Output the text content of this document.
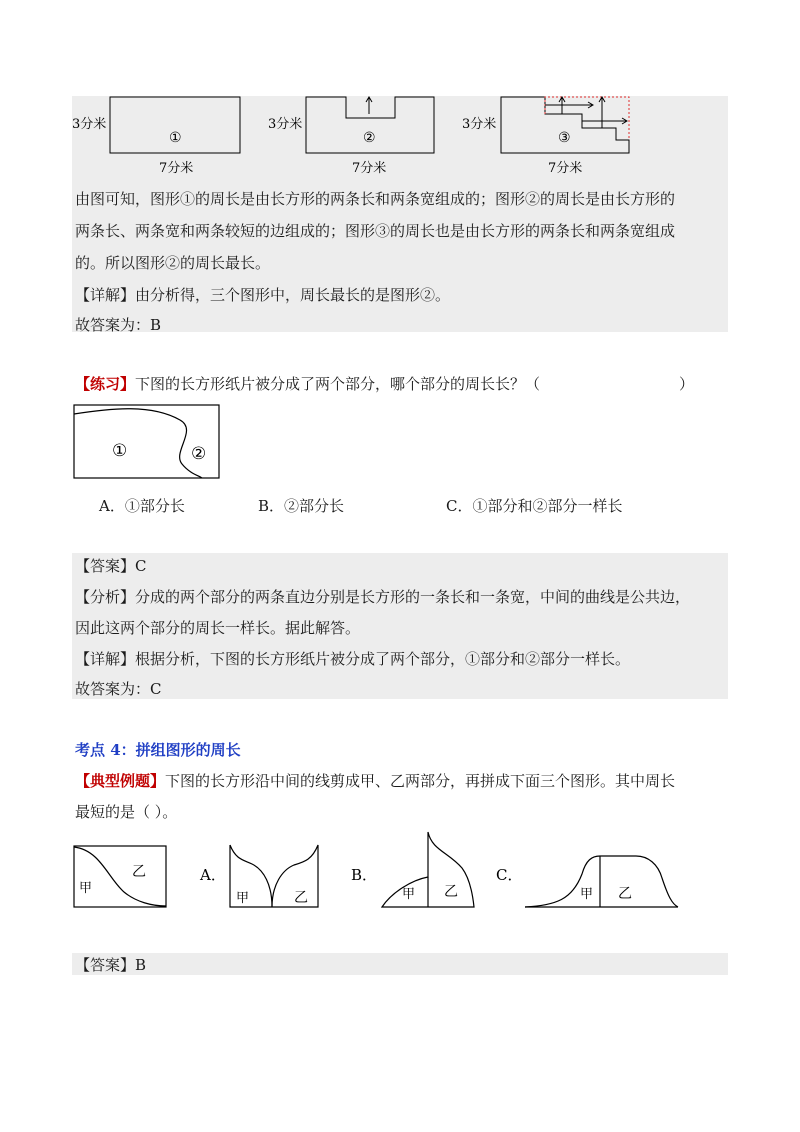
3分米	3分米	3分米
①	②	③
7分米	7分米	7分米
由图可知，图形①的周长是由长方形的两条长和两条宽组成的；图形②的周长是由长方形的
两条长、两条宽和两条较短的边组成的；图形③的周长也是由长方形的两条长和两条宽组成
的。所以图形②的周长最长。
【详解】由分析得，三个图形中，周长最长的是图形②。
故答案为：B
【练习】下图的长方形纸片被分成了两个部分，哪个部分的周长长？（	）
①	②
A．①部分长	B．②部分长	C．①部分和②部分一样长
【答案】C
【分析】分成的两个部分的两条直边分别是长方形的一条长和一条宽，中间的曲线是公共边，
因此这两个部分的周长一样长。据此解答。
【详解】根据分析，下图的长方形纸片被分成了两个部分，①部分和②部分一样长。
故答案为：C
考点 4：拼组图形的周长
【典型例题】下图的长方形沿中间的线剪成甲、乙两部分，再拼成下面三个图形。其中周长
最短的是（ ）。
甲
乙	A．
甲	乙
B．
甲 乙
C．
甲 乙
【答案】B
